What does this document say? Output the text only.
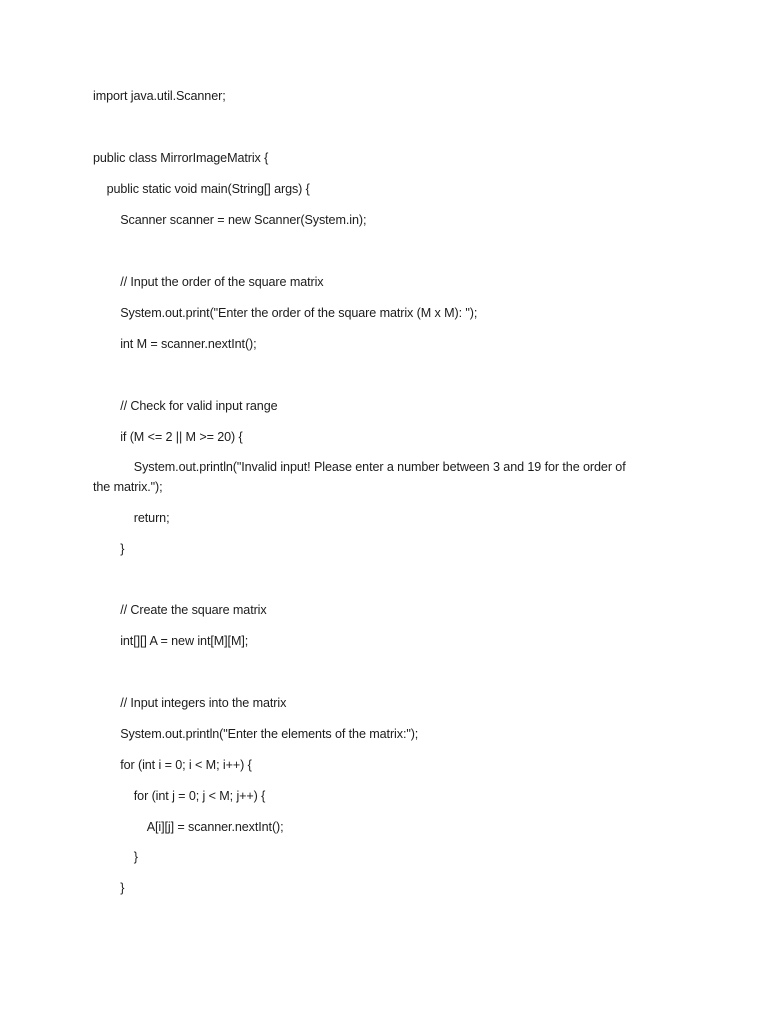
import java.util.Scanner;
public class MirrorImageMatrix {
public static void main(String[] args) {
Scanner scanner = new Scanner(System.in);
// Input the order of the square matrix
System.out.print("Enter the order of the square matrix (M x M): ");
int M = scanner.nextInt();
// Check for valid input range
if (M <= 2 || M >= 20) {
System.out.println("Invalid input! Please enter a number between 3 and 19 for the order of
the matrix.");
return;
}
// Create the square matrix
int[][] A = new int[M][M];
// Input integers into the matrix
System.out.println("Enter the elements of the matrix:");
for (int i = 0; i < M; i++) {
for (int j = 0; j < M; j++) {
A[i][j] = scanner.nextInt();
}
}
